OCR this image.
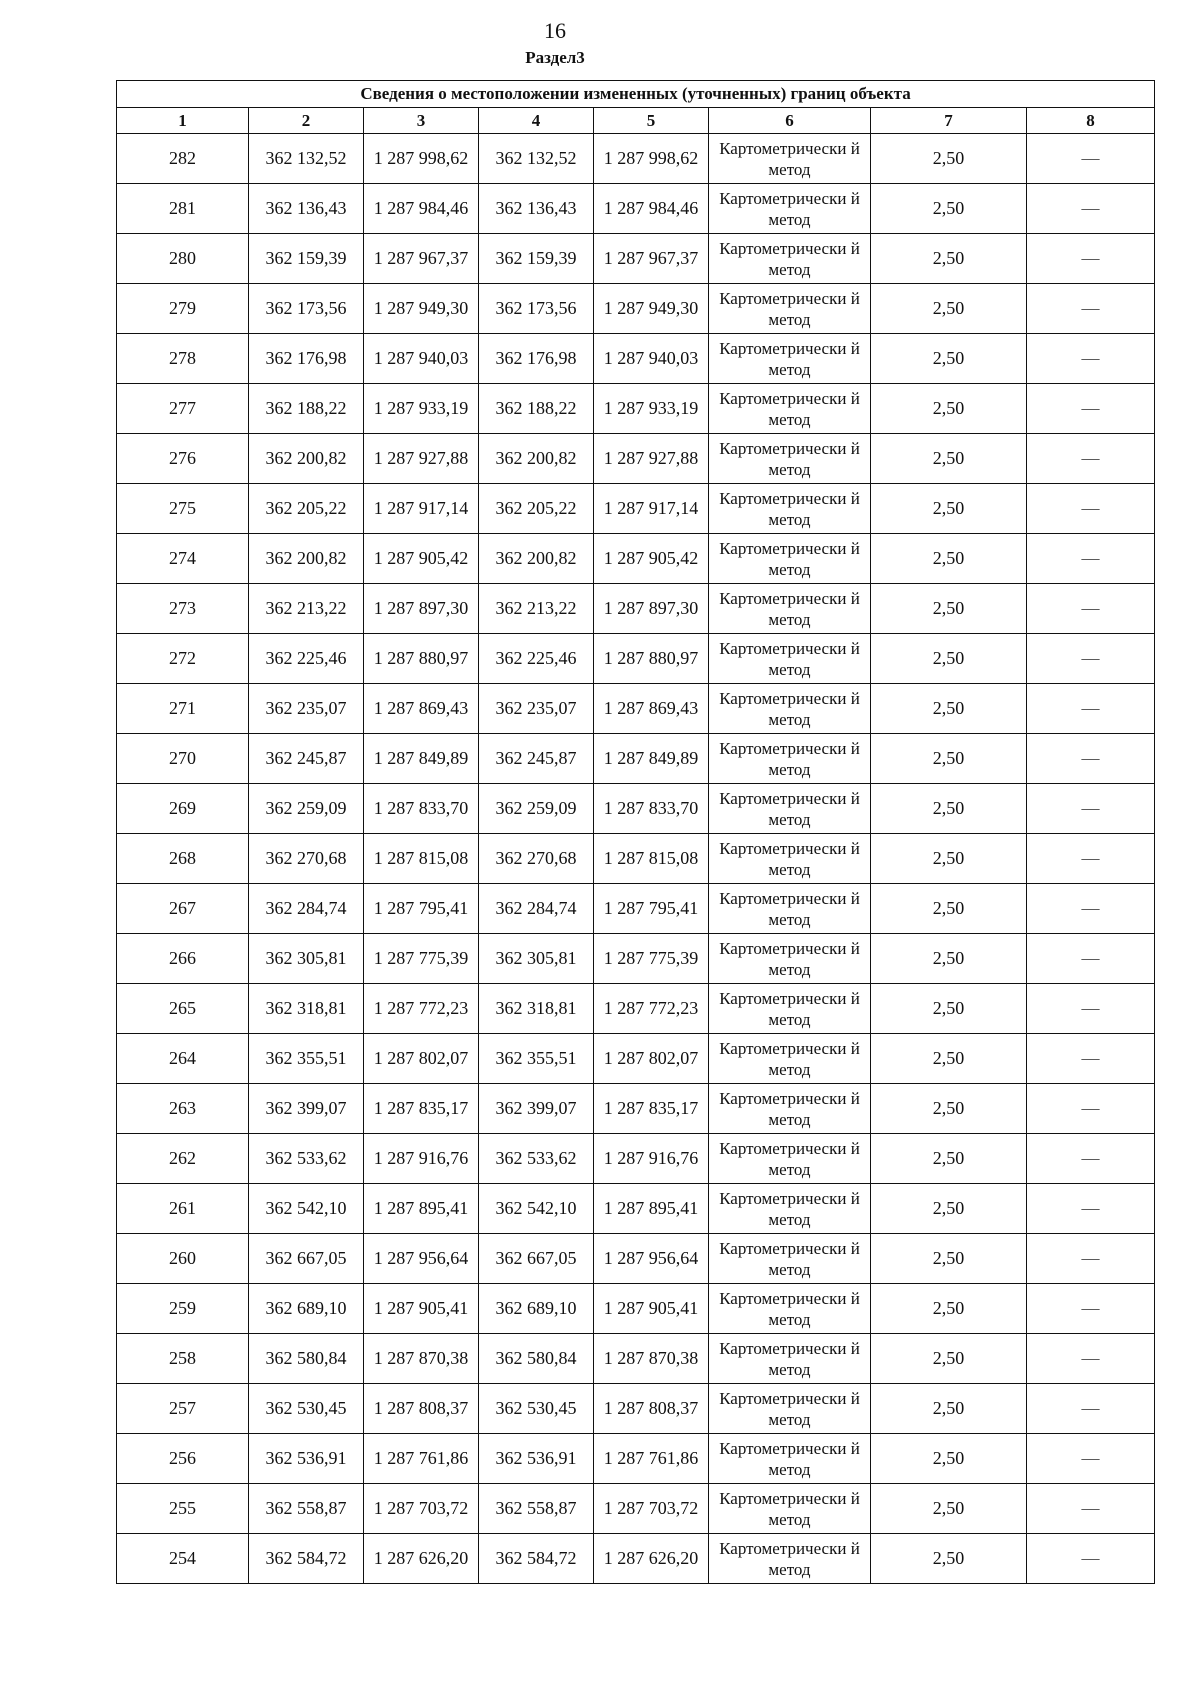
16
Раздел3
Сведения о местоположении измененных (уточненных) границ объекта							
1	2	3	4	5	6	7	8
282	362 132,52	1 287 998,62	362 132,52	1 287 998,62	Картометрически й метод	2,50	—
281	362 136,43	1 287 984,46	362 136,43	1 287 984,46	Картометрически й метод	2,50	—
280	362 159,39	1 287 967,37	362 159,39	1 287 967,37	Картометрически й метод	2,50	—
279	362 173,56	1 287 949,30	362 173,56	1 287 949,30	Картометрически й метод	2,50	—
278	362 176,98	1 287 940,03	362 176,98	1 287 940,03	Картометрически й метод	2,50	—
277	362 188,22	1 287 933,19	362 188,22	1 287 933,19	Картометрически й метод	2,50	—
276	362 200,82	1 287 927,88	362 200,82	1 287 927,88	Картометрически й метод	2,50	—
275	362 205,22	1 287 917,14	362 205,22	1 287 917,14	Картометрически й метод	2,50	—
274	362 200,82	1 287 905,42	362 200,82	1 287 905,42	Картометрически й метод	2,50	—
273	362 213,22	1 287 897,30	362 213,22	1 287 897,30	Картометрически й метод	2,50	—
272	362 225,46	1 287 880,97	362 225,46	1 287 880,97	Картометрически й метод	2,50	—
271	362 235,07	1 287 869,43	362 235,07	1 287 869,43	Картометрически й метод	2,50	—
270	362 245,87	1 287 849,89	362 245,87	1 287 849,89	Картометрически й метод	2,50	—
269	362 259,09	1 287 833,70	362 259,09	1 287 833,70	Картометрически й метод	2,50	—
268	362 270,68	1 287 815,08	362 270,68	1 287 815,08	Картометрически й метод	2,50	—
267	362 284,74	1 287 795,41	362 284,74	1 287 795,41	Картометрически й метод	2,50	—
266	362 305,81	1 287 775,39	362 305,81	1 287 775,39	Картометрически й метод	2,50	—
265	362 318,81	1 287 772,23	362 318,81	1 287 772,23	Картометрически й метод	2,50	—
264	362 355,51	1 287 802,07	362 355,51	1 287 802,07	Картометрически й метод	2,50	—
263	362 399,07	1 287 835,17	362 399,07	1 287 835,17	Картометрически й метод	2,50	—
262	362 533,62	1 287 916,76	362 533,62	1 287 916,76	Картометрически й метод	2,50	—
261	362 542,10	1 287 895,41	362 542,10	1 287 895,41	Картометрически й метод	2,50	—
260	362 667,05	1 287 956,64	362 667,05	1 287 956,64	Картометрически й метод	2,50	—
259	362 689,10	1 287 905,41	362 689,10	1 287 905,41	Картометрически й метод	2,50	—
258	362 580,84	1 287 870,38	362 580,84	1 287 870,38	Картометрически й метод	2,50	—
257	362 530,45	1 287 808,37	362 530,45	1 287 808,37	Картометрически й метод	2,50	—
256	362 536,91	1 287 761,86	362 536,91	1 287 761,86	Картометрически й метод	2,50	—
255	362 558,87	1 287 703,72	362 558,87	1 287 703,72	Картометрически й метод	2,50	—
254	362 584,72	1 287 626,20	362 584,72	1 287 626,20	Картометрически й метод	2,50	—
